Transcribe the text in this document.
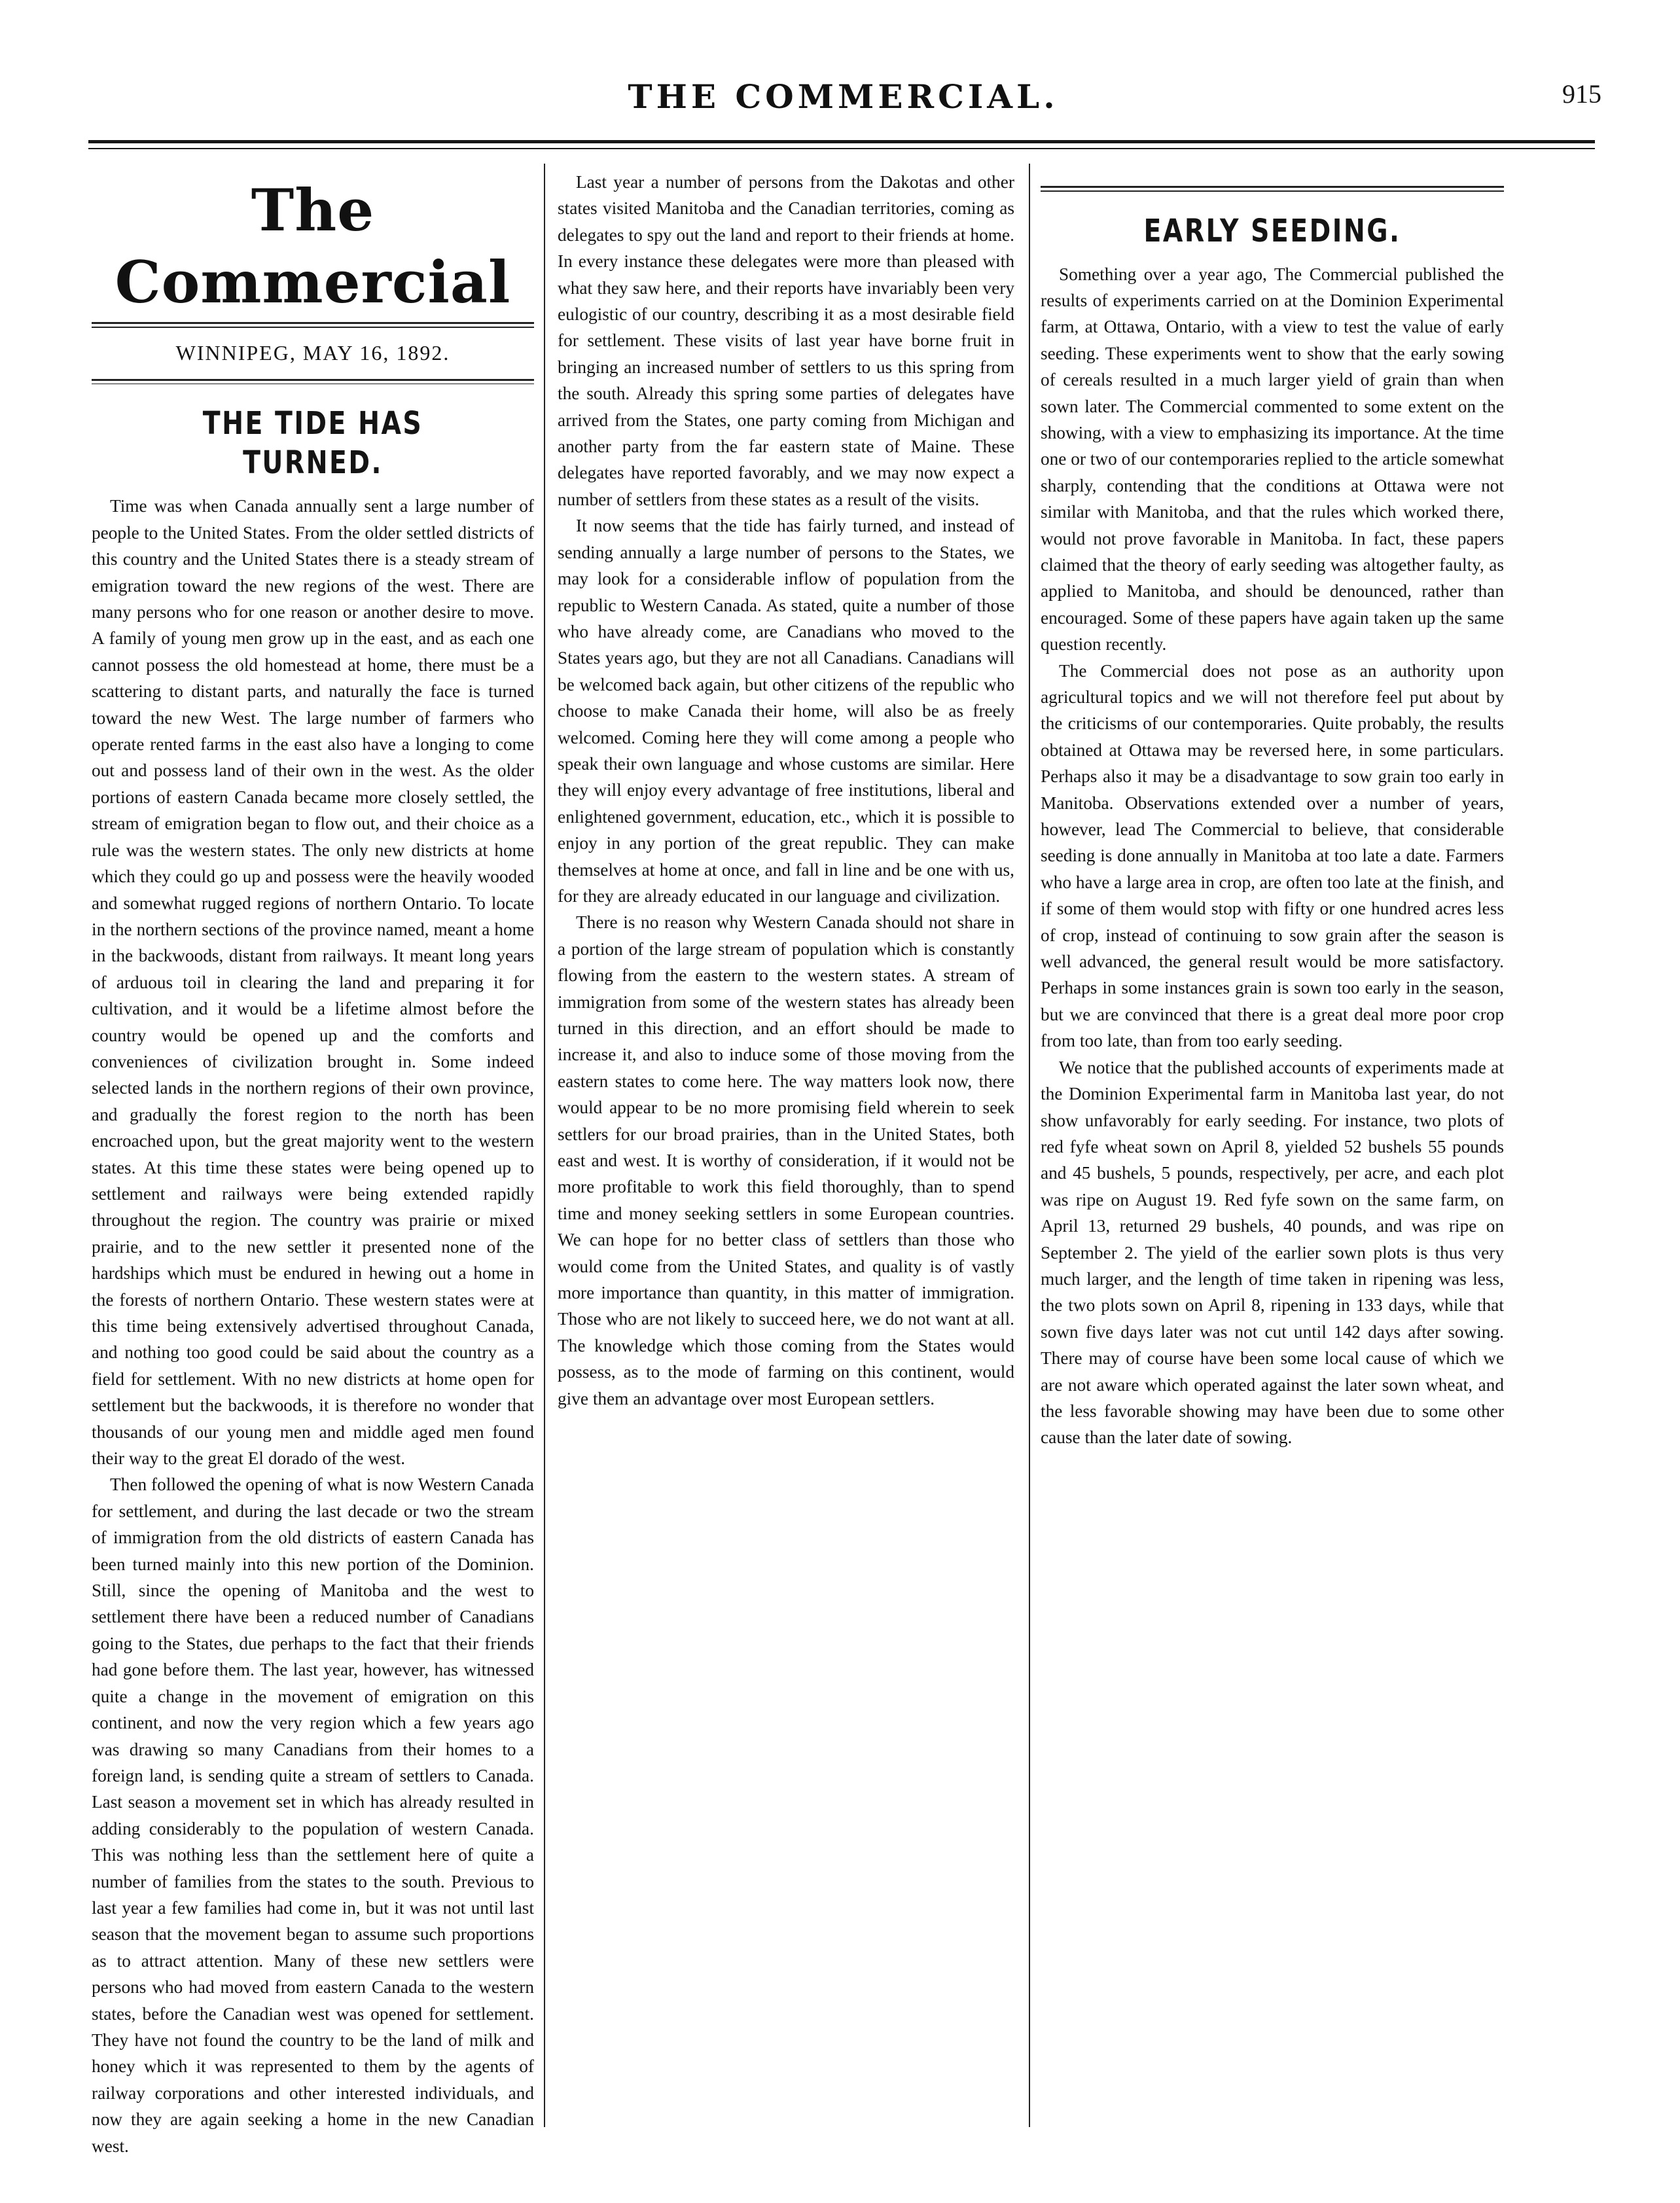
THE COMMERCIAL.	915
The Commercial
WINNIPEG, MAY 16, 1892.
THE TIDE HAS TURNED.

Time was when Canada annually sent a large number of people to the United States. From the older settled districts of this country and the United States there is a steady stream of emigration toward the new regions of the west. There are many persons who for one reason or another desire to move. A family of young men grow up in the east, and as each one cannot possess the old homestead at home, there must be a scattering to distant parts, and naturally the face is turned toward the new West. The large number of farmers who operate rented farms in the east also have a longing to come out and possess land of their own in the west. As the older portions of eastern Canada became more closely settled, the stream of emigration began to flow out, and their choice as a rule was the western states. The only new districts at home which they could go up and possess were the heavily wooded and somewhat rugged regions of northern Ontario. To locate in the northern sections of the province named, meant a home in the backwoods, distant from railways. It meant long years of arduous toil in clearing the land and preparing it for cultivation, and it would be a lifetime almost before the country would be opened up and the comforts and conveniences of civilization brought in. Some indeed selected lands in the northern regions of their own province, and gradually the forest region to the north has been encroached upon, but the great majority went to the western states. At this time these states were being opened up to settlement and railways were being extended rapidly throughout the region. The country was prairie or mixed prairie, and to the new settler it presented none of the hardships which must be endured in hewing out a home in the forests of northern Ontario. These western states were at this time being extensively advertised throughout Canada, and nothing too good could be said about the country as a field for settlement. With no new districts at home open for settlement but the backwoods, it is therefore no wonder that thousands of our young men and middle aged men found their way to the great El dorado of the west.

Then followed the opening of what is now Western Canada for settlement, and during the last decade or two the stream of immigration from the old districts of eastern Canada has been turned mainly into this new portion of the Dominion. Still, since the opening of Manitoba and the west to settlement there have been a reduced number of Canadians going to the States, due perhaps to the fact that their friends had gone before them. The last year, however, has witnessed quite a change in the movement of emigration on this continent, and now the very region which a few years ago was drawing so many Canadians from their homes to a foreign land, is sending quite a stream of settlers to Canada. Last season a movement set in which has already resulted in adding considerably to the population of western Canada. This was nothing less than the settlement here of quite a number of families from the states to the south. Previous to last year a few families had come in, but it was not until last season that the movement began to assume such proportions as to attract attention. Many of these new settlers were persons who had moved from eastern Canada to the western states, before the Canadian west was opened for settlement. They have not found the country to be the land of milk and honey which it was represented to them by the agents of railway corporations and other interested individuals, and now they are again seeking a home in the new Canadian west.

Last year a number of persons from the Dakotas and other states visited Manitoba and the Canadian territories, coming as delegates to spy out the land and report to their friends at home. In every instance these delegates were more than pleased with what they saw here, and their reports have invariably been very eulogistic of our country, describing it as a most desirable field for settlement. These visits of last year have borne fruit in bringing an increased number of settlers to us this spring from the south. Already this spring some parties of delegates have arrived from the States, one party coming from Michigan and another party from the far eastern state of Maine. These delegates have reported favorably, and we may now expect a number of settlers from these states as a result of the visits.

It now seems that the tide has fairly turned, and instead of sending annually a large number of persons to the States, we may look for a considerable inflow of population from the republic to Western Canada. As stated, quite a number of those who have already come, are Canadians who moved to the States years ago, but they are not all Canadians. Canadians will be welcomed back again, but other citizens of the republic who choose to make Canada their home, will also be as freely welcomed. Coming here they will come among a people who speak their own language and whose customs are similar. Here they will enjoy every advantage of free institutions, liberal and enlightened government, education, etc., which it is possible to enjoy in any portion of the great republic. They can make themselves at home at once, and fall in line and be one with us, for they are already educated in our language and civilization.

There is no reason why Western Canada should not share in a portion of the large stream of population which is constantly flowing from the eastern to the western states. A stream of immigration from some of the western states has already been turned in this direction, and an effort should be made to increase it, and also to induce some of those moving from the eastern states to come here. The way matters look now, there would appear to be no more promising field wherein to seek settlers for our broad prairies, than in the United States, both east and west. It is worthy of consideration, if it would not be more profitable to work this field thoroughly, than to spend time and money seeking settlers in some European countries. We can hope for no better class of settlers than those who would come from the United States, and quality is of vastly more importance than quantity, in this matter of immigration. Those who are not likely to succeed here, we do not want at all. The knowledge which those coming from the States would possess, as to the mode of farming on this continent, would give them an advantage over most European settlers.

EARLY SEEDING.

Something over a year ago, The Commercial published the results of experiments carried on at the Dominion Experimental farm, at Ottawa, Ontario, with a view to test the value of early seeding. These experiments went to show that the early sowing of cereals resulted in a much larger yield of grain than when sown later. The Commercial commented to some extent on the showing, with a view to emphasizing its importance. At the time one or two of our contemporaries replied to the article somewhat sharply, contending that the conditions at Ottawa were not similar with Manitoba, and that the rules which worked there, would not prove favorable in Manitoba. In fact, these papers claimed that the theory of early seeding was altogether faulty, as applied to Manitoba, and should be denounced, rather than encouraged. Some of these papers have again taken up the same question recently.

The Commercial does not pose as an authority upon agricultural topics and we will not therefore feel put about by the criticisms of our contemporaries. Quite probably, the results obtained at Ottawa may be reversed here, in some particulars. Perhaps also it may be a disadvantage to sow grain too early in Manitoba. Observations extended over a number of years, however, lead The Commercial to believe, that considerable seeding is done annually in Manitoba at too late a date. Farmers who have a large area in crop, are often too late at the finish, and if some of them would stop with fifty or one hundred acres less of crop, instead of continuing to sow grain after the season is well advanced, the general result would be more satisfactory. Perhaps in some instances grain is sown too early in the season, but we are convinced that there is a great deal more poor crop from too late, than from too early seeding.

We notice that the published accounts of experiments made at the Dominion Experimental farm in Manitoba last year, do not show unfavorably for early seeding. For instance, two plots of red fyfe wheat sown on April 8, yielded 52 bushels 55 pounds and 45 bushels, 5 pounds, respectively, per acre, and each plot was ripe on August 19. Red fyfe sown on the same farm, on April 13, returned 29 bushels, 40 pounds, and was ripe on September 2. The yield of the earlier sown plots is thus very much larger, and the length of time taken in ripening was less, the two plots sown on April 8, ripening in 133 days, while that sown five days later was not cut until 142 days after sowing. There may of course have been some local cause of which we are not aware which operated against the later sown wheat, and the less favorable showing may have been due to some other cause than the later date of sowing.
